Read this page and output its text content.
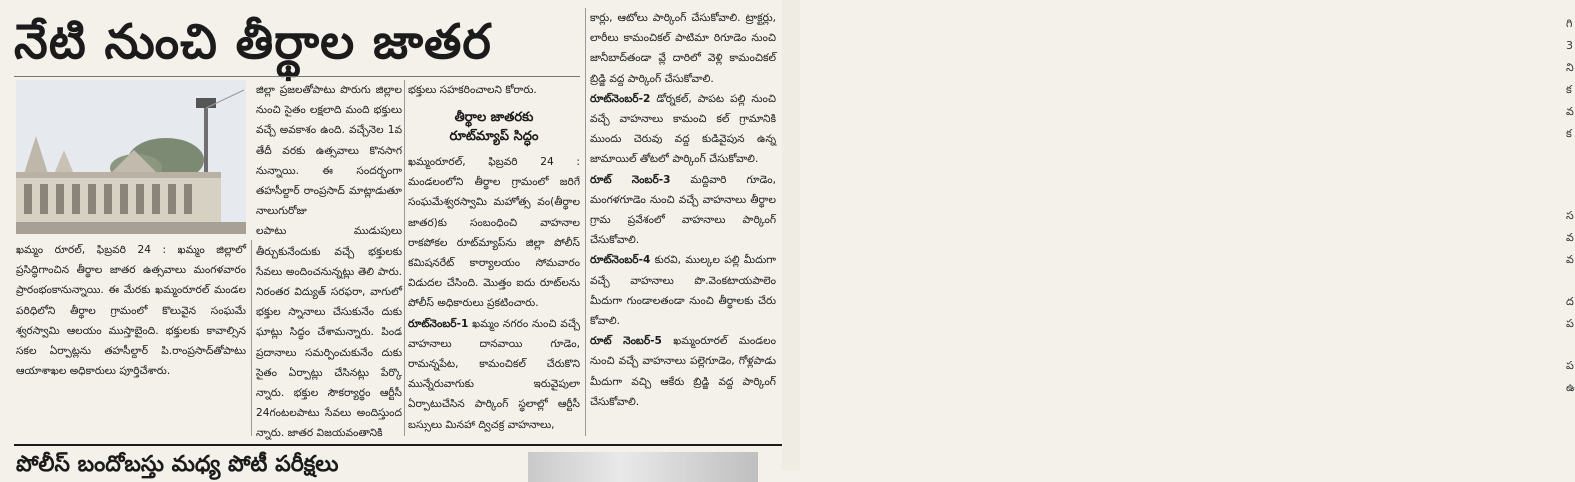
నేటి నుంచి తీర్థాల జాతర

ఖమ్మం రూరల్, ఫిబ్రవరి 24 : ఖమ్మం జిల్లాలో ప్రసిద్ధిగాంచిన తీర్థాల జాతర ఉత్సవాలు మంగళవారం ప్రారంభంకానున్నాయి. ఈ మేరకు ఖమ్మంరూరల్ మండల పరిధిలోని తీర్థాల గ్రామంలో కొలువైన సంఘమే శ్వరస్వామి ఆలయం ముస్తాబైంది. భక్తులకు కావాల్సిన సకల ఏర్పాట్లను తహసీల్దార్ పి.రాంప్రసాద్‌తోపాటు ఆయాశాఖల అధికారులు పూర్తిచేశారు.

జిల్లా ప్రజలతోపాటు పొరుగు జిల్లాల నుంచి సైతం లక్షలాది మంది భక్తులు వచ్చే అవకాశం ఉంది. వచ్చేనెల 1వ తేదీ వరకు ఉత్సవాలు కొనసాగ నున్నాయి. ఈ సందర్భంగా తహసీల్దార్ రాంప్రసాద్ మాట్లాడుతూ నాలుగురోజు

లపాటు ముడుపులు తీర్చుకునేందుకు వచ్చే భక్తులకు సేవలు అందించనున్నట్లు తెలి పారు. నిరంతర విద్యుత్ సరఫరా, వాగులో భక్తుల స్నానాలు చేసుకునేం దుకు ఘాట్లు సిద్ధం చేశామన్నారు. పిండ ప్రదానాలు సమర్పించుకునేం దుకు సైతం ఏర్పాట్లు చేసినట్లు పేర్కొ న్నారు. భక్తుల సౌకర్యార్థం ఆర్టీసీ 24గంటలపాటు సేవలు అందిస్తుంద న్నారు. జాతర విజయవంతానికి

భక్తులు సహకరించాలని కోరారు.

తీర్థాల జాతరకు
రూట్‌మ్యాప్ సిద్ధం

ఖమ్మంరూరల్, ఫిబ్రవరి 24 : మండలంలోని తీర్థాల గ్రామంలో జరిగే సంఘమేశ్వరస్వామి మహోత్స వం(తీర్థాల జాతర)కు సంబంధించి వాహనాల రాకపోకల రూట్‌మ్యాప్‌ను జిల్లా పోలీస్ కమిషనరేట్ కార్యాలయం సోమవారం విడుదల చేసింది. మొత్తం ఐదు రూట్‌లను పోలీస్ అధికారులు ప్రకటించారు.

రూట్‌నెంబర్-1 ఖమ్మం నగరం నుంచి వచ్చే వాహనాలు దానవాయి గూడెం, రామన్నపేట, కామంచికల్ చేరుకొని మున్నేరువాగుకు ఇరువైపులా ఏర్పాటుచేసిన పార్కింగ్ స్థలాల్లో ఆర్టీసీ బస్సులు మినహా ద్విచక్ర వాహనాలు,

కార్లు, ఆటోలు పార్కింగ్ చేసుకోవాలి. ట్రాక్టర్లు, లారీలు కామంచికల్ పాటిమా రిగూడెం నుంచి జానీబాద్‌తండా వ్లే దారిలో వెళ్లి కామంచికల్ బ్రిడ్జి వద్ద పార్కింగ్ చేసుకోవాలి.

రూట్‌నెంబర్-2 డోర్నకల్, పాపట పల్లి నుంచి వచ్చే వాహనాలు కామంచి కల్ గ్రామానికి ముందు చెరువు వద్ద కుడివైపున ఉన్న జామాయిల్ తోటలో పార్కింగ్ చేసుకోవాలి.

రూట్ నెంబర్-3 మద్దివారి గూడెం, మంగళగూడెం నుంచి వచ్చే వాహనాలు తీర్థాల గ్రామ ప్రవేశంలో వాహనాలు పార్కింగ్ చేసుకోవాలి.

రూట్‌నెంబర్-4 కురవి, ముల్కల పల్లి మీదుగా వచ్చే వాహనాలు పొ.వెంకటాయపాలెం మీదుగా గుండాలతండా నుంచి తీర్థాలకు చేరు కోవాలి.

రూట్ నెంబర్-5 ఖమ్మంరూరల్ మండలం నుంచి వచ్చే వాహనాలు పల్లెగూడెం, గోళ్లపాడు మీదుగా వచ్చి ఆకేరు బ్రిడ్జి వద్ద పార్కింగ్ చేసుకోవాలి.

పోలీస్ బందోబస్తు మధ్య పోటీ పరీక్షలు
గి
3
ని
క
వ
క
స
వ
వ
ద
ప
ప
ఉ
